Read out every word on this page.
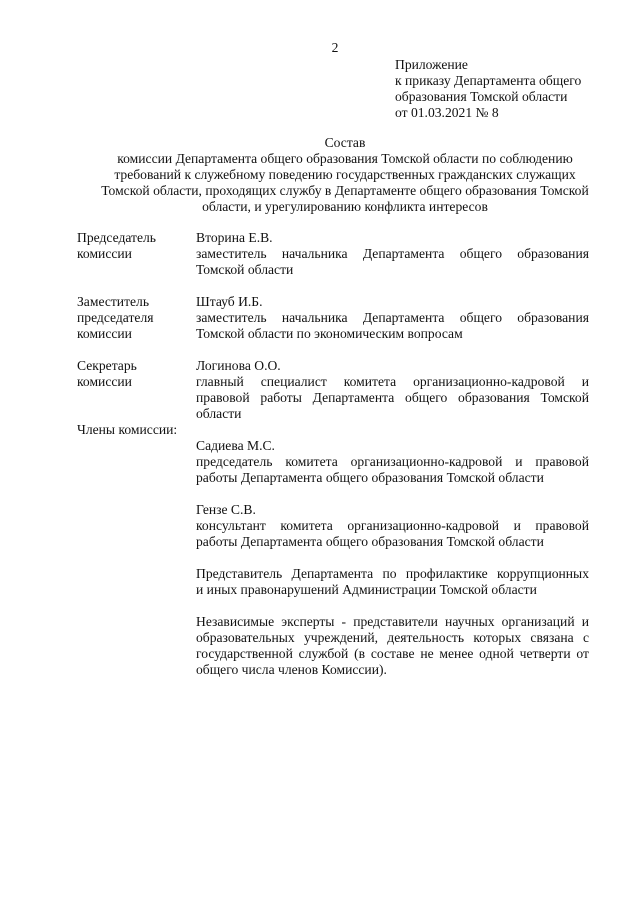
2
Приложение
к приказу Департамента общего
образования Томской области
от 01.03.2021 № 8
Состав
комиссии Департамента общего образования Томской области по соблюдению
требований к служебному поведению государственных гражданских служащих
Томской области, проходящих службу в Департаменте общего образования Томской
области, и урегулированию конфликта интересов
Председатель
комиссии
Вторина Е.В.
заместитель начальника Департамента общего образования
Томской области
Заместитель
председателя
комиссии
Штауб И.Б.
заместитель начальника Департамента общего образования
Томской области по экономическим вопросам
Секретарь
комиссии
Логинова О.О.
главный специалист комитета организационно-кадровой и
правовой работы Департамента общего образования Томской
области
Члены комиссии:
Садиева М.С.
председатель комитета организационно-кадровой и правовой
работы Департамента общего образования Томской области
Гензе С.В.
консультант комитета организационно-кадровой и правовой
работы Департамента общего образования Томской области
Представитель Департамента по профилактике коррупционных
и иных правонарушений Администрации Томской области
Независимые эксперты - представители научных организаций и
образовательных учреждений, деятельность которых связана с
государственной службой (в составе не менее одной четверти от
общего числа членов Комиссии).
